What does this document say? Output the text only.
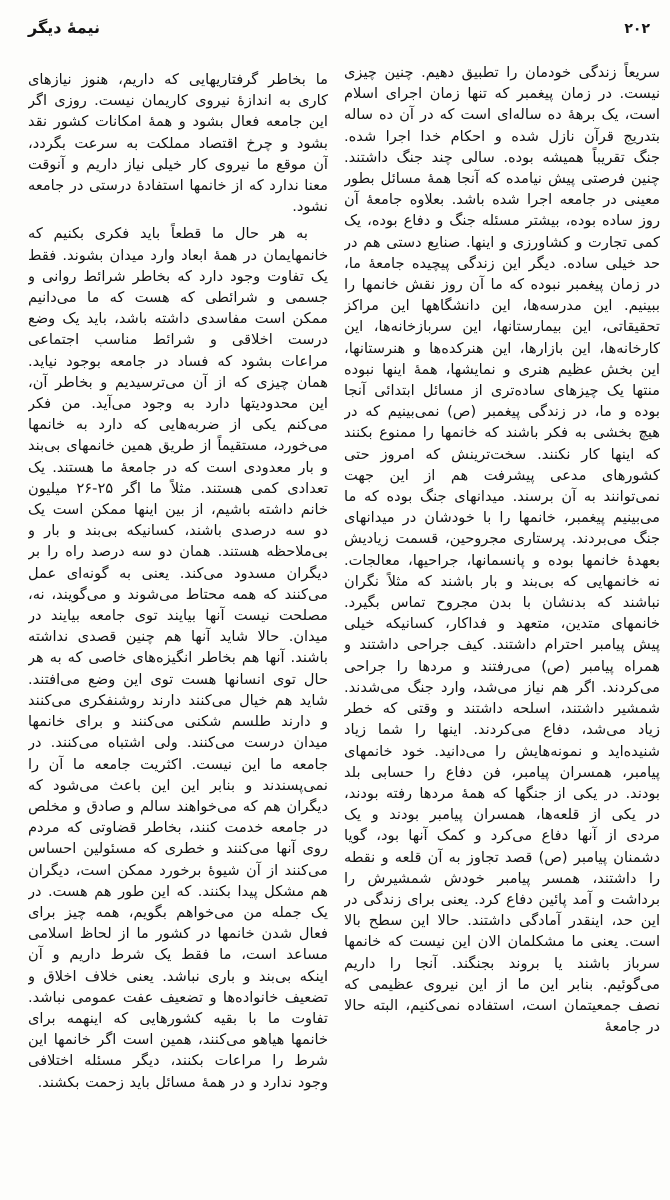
نیمهٔ دیگر	۲۰۲

سریعاً زندگی خودمان را تطبیق دهیم. چنین چیزی نیست. در زمان پیغمبر که تنها زمان اجرای اسلام است، یک برههٔ ده ساله‌ای است که در آن ده ساله بتدریج قرآن نازل شده و احکام خدا اجرا شده. جنگ تقریباً همیشه بوده. سالی چند جنگ داشتند. چنین فرصتی پیش نیامده که آنجا همهٔ مسائل بطور معینی در جامعه اجرا شده باشد. بعلاوه جامعهٔ آن روز ساده بوده، بیشتر مسئله جنگ و دفاع بوده، یک کمی تجارت و کشاورزی و اینها. صنایع دستی هم در حد خیلی ساده. دیگر این زندگی پیچیده جامعهٔ ما، در زمان پیغمبر نبوده که ما آن روز نقش خانمها را ببینیم. این مدرسه‌ها، این دانشگاهها این مراکز تحقیقاتی، این بیمارستانها، این سربازخانه‌ها، این کارخانه‌ها، این بازارها، این هنرکده‌ها و هنرستانها، این بخش عظیم هنری و نمایشها، همهٔ اینها نبوده منتها یک چیزهای ساده‌تری از مسائل ابتدائی آنجا بوده و ما، در زندگی پیغمبر (ص) نمی‌بینیم که در هیچ بخشی به فکر باشند که خانمها را ممنوع بکنند که اینها کار نکنند. سخت‌ترینش که امروز حتی کشورهای مدعی پیشرفت هم از این جهت نمی‌توانند به آن برسند. میدانهای جنگ بوده که ما می‌بینیم پیغمبر، خانمها را با خودشان در میدانهای جنگ می‌بردند. پرستاری مجروحین، قسمت زیادیش بعهدهٔ خانمها بوده و پانسمانها، جراحیها، معالجات. نه خانمهایی که بی‌بند و بار باشند که مثلاً نگران نباشند که بدنشان با بدن مجروح تماس بگیرد. خانمهای متدین، متعهد و فداکار، کسانیکه خیلی پیش پیامبر احترام داشتند. کیف جراحی داشتند و همراه پیامبر (ص) می‌رفتند و مردها را جراحی می‌کردند. اگر هم نیاز می‌شد، وارد جنگ می‌شدند. شمشیر داشتند، اسلحه داشتند و وقتی که خطر زیاد می‌شد، دفاع می‌کردند. اینها را شما زیاد شنیده‌اید و نمونه‌هایش را می‌دانید. خود خانمهای پیامبر، همسران پیامبر، فن دفاع را حسابی بلد بودند. در یکی از جنگها که همهٔ مردها رفته بودند، در یکی از قلعه‌ها، همسران پیامبر بودند و یک مردی از آنها دفاع می‌کرد و کمک آنها بود، گویا دشمنان پیامبر (ص) قصد تجاوز به آن قلعه و نقطه را داشتند، همسر پیامبر خودش شمشیرش را برداشت و آمد پائین دفاع کرد. یعنی برای زندگی در این حد، اینقدر آمادگی داشتند. حالا این سطح بالا است. یعنی ما مشکلمان الان این نیست که خانمها سرباز باشند یا بروند بجنگند. آنجا را داریم می‌گوئیم. بنابر این ما از این نیروی عظیمی که نصف جمعیتمان است، استفاده نمی‌کنیم، البته حالا در جامعهٔ

ما بخاطر گرفتاریهایی که داریم، هنوز نیازهای کاری به اندازهٔ نیروی کاریمان نیست. روزی اگر این جامعه فعال بشود و همهٔ امکانات کشور نقد بشود و چرخ اقتصاد مملکت به سرعت بگردد، آن موقع ما نیروی کار خیلی نیاز داریم و آنوقت معنا ندارد که از خانمها استفادهٔ درستی در جامعه نشود.

به هر حال ما قطعاً باید فکری بکنیم که خانمهایمان در همهٔ ابعاد وارد میدان بشوند. فقط یک تفاوت وجود دارد که بخاطر شرائط روانی و جسمی و شرائطی که هست که ما می‌دانیم ممکن است مفاسدی داشته باشد، باید یک وضع درست اخلاقی و شرائط مناسب اجتماعی مراعات بشود که فساد در جامعه بوجود نیاید. همان چیزی که از آن می‌ترسیدیم و بخاطر آن، این محدودیتها دارد به وجود می‌آید. من فکر می‌کنم یکی از ضربه‌هایی که دارد به خانمها می‌خورد، مستقیماً از طریق همین خانمهای بی‌بند و بار معدودی است که در جامعهٔ ما هستند. یک تعدادی کمی هستند. مثلاً ما اگر ۲۵-۲۶ میلیون خانم داشته باشیم، از بین اینها ممکن است یک دو سه درصدی باشند، کسانیکه بی‌بند و بار و بی‌ملاحظه هستند. همان دو سه درصد راه را بر دیگران مسدود می‌کند. یعنی به گونه‌ای عمل می‌کنند که همه محتاط می‌شوند و می‌گویند، نه، مصلحت نیست آنها بیایند توی جامعه بیایند در میدان. حالا شاید آنها هم چنین قصدی نداشته باشند. آنها هم بخاطر انگیزه‌های خاصی که به هر حال توی انسانها هست توی این وضع می‌افتند. شاید هم خیال می‌کنند دارند روشنفکری می‌کنند و دارند طلسم شکنی می‌کنند و برای خانمها میدان درست می‌کنند. ولی اشتباه می‌کنند. در جامعه ما این نیست. اکثریت جامعه ما آن را نمی‌پسندند و بنابر این این باعث می‌شود که دیگران هم که می‌خواهند سالم و صادق و مخلص در جامعه خدمت کنند، بخاطر قضاوتی که مردم روی آنها می‌کنند و خطری که مسئولین احساس می‌کنند از آن شیوهٔ برخورد ممکن است، دیگران هم مشکل پیدا بکنند. که این طور هم هست. در یک جمله من می‌خواهم بگویم، همه چیز برای فعال شدن خانمها در کشور ما از لحاظ اسلامی مساعد است، ما فقط یک شرط داریم و آن اینکه بی‌بند و باری نباشد. یعنی خلاف اخلاق و تضعیف خانواده‌ها و تضعیف عفت عمومی نباشد. تفاوت ما با بقیه کشورهایی که اینهمه برای خانمها هیاهو می‌کنند، همین است اگر خانمها این شرط را مراعات بکنند، دیگر مسئله اختلافی وجود ندارد و در همهٔ مسائل باید زحمت بکشند.
